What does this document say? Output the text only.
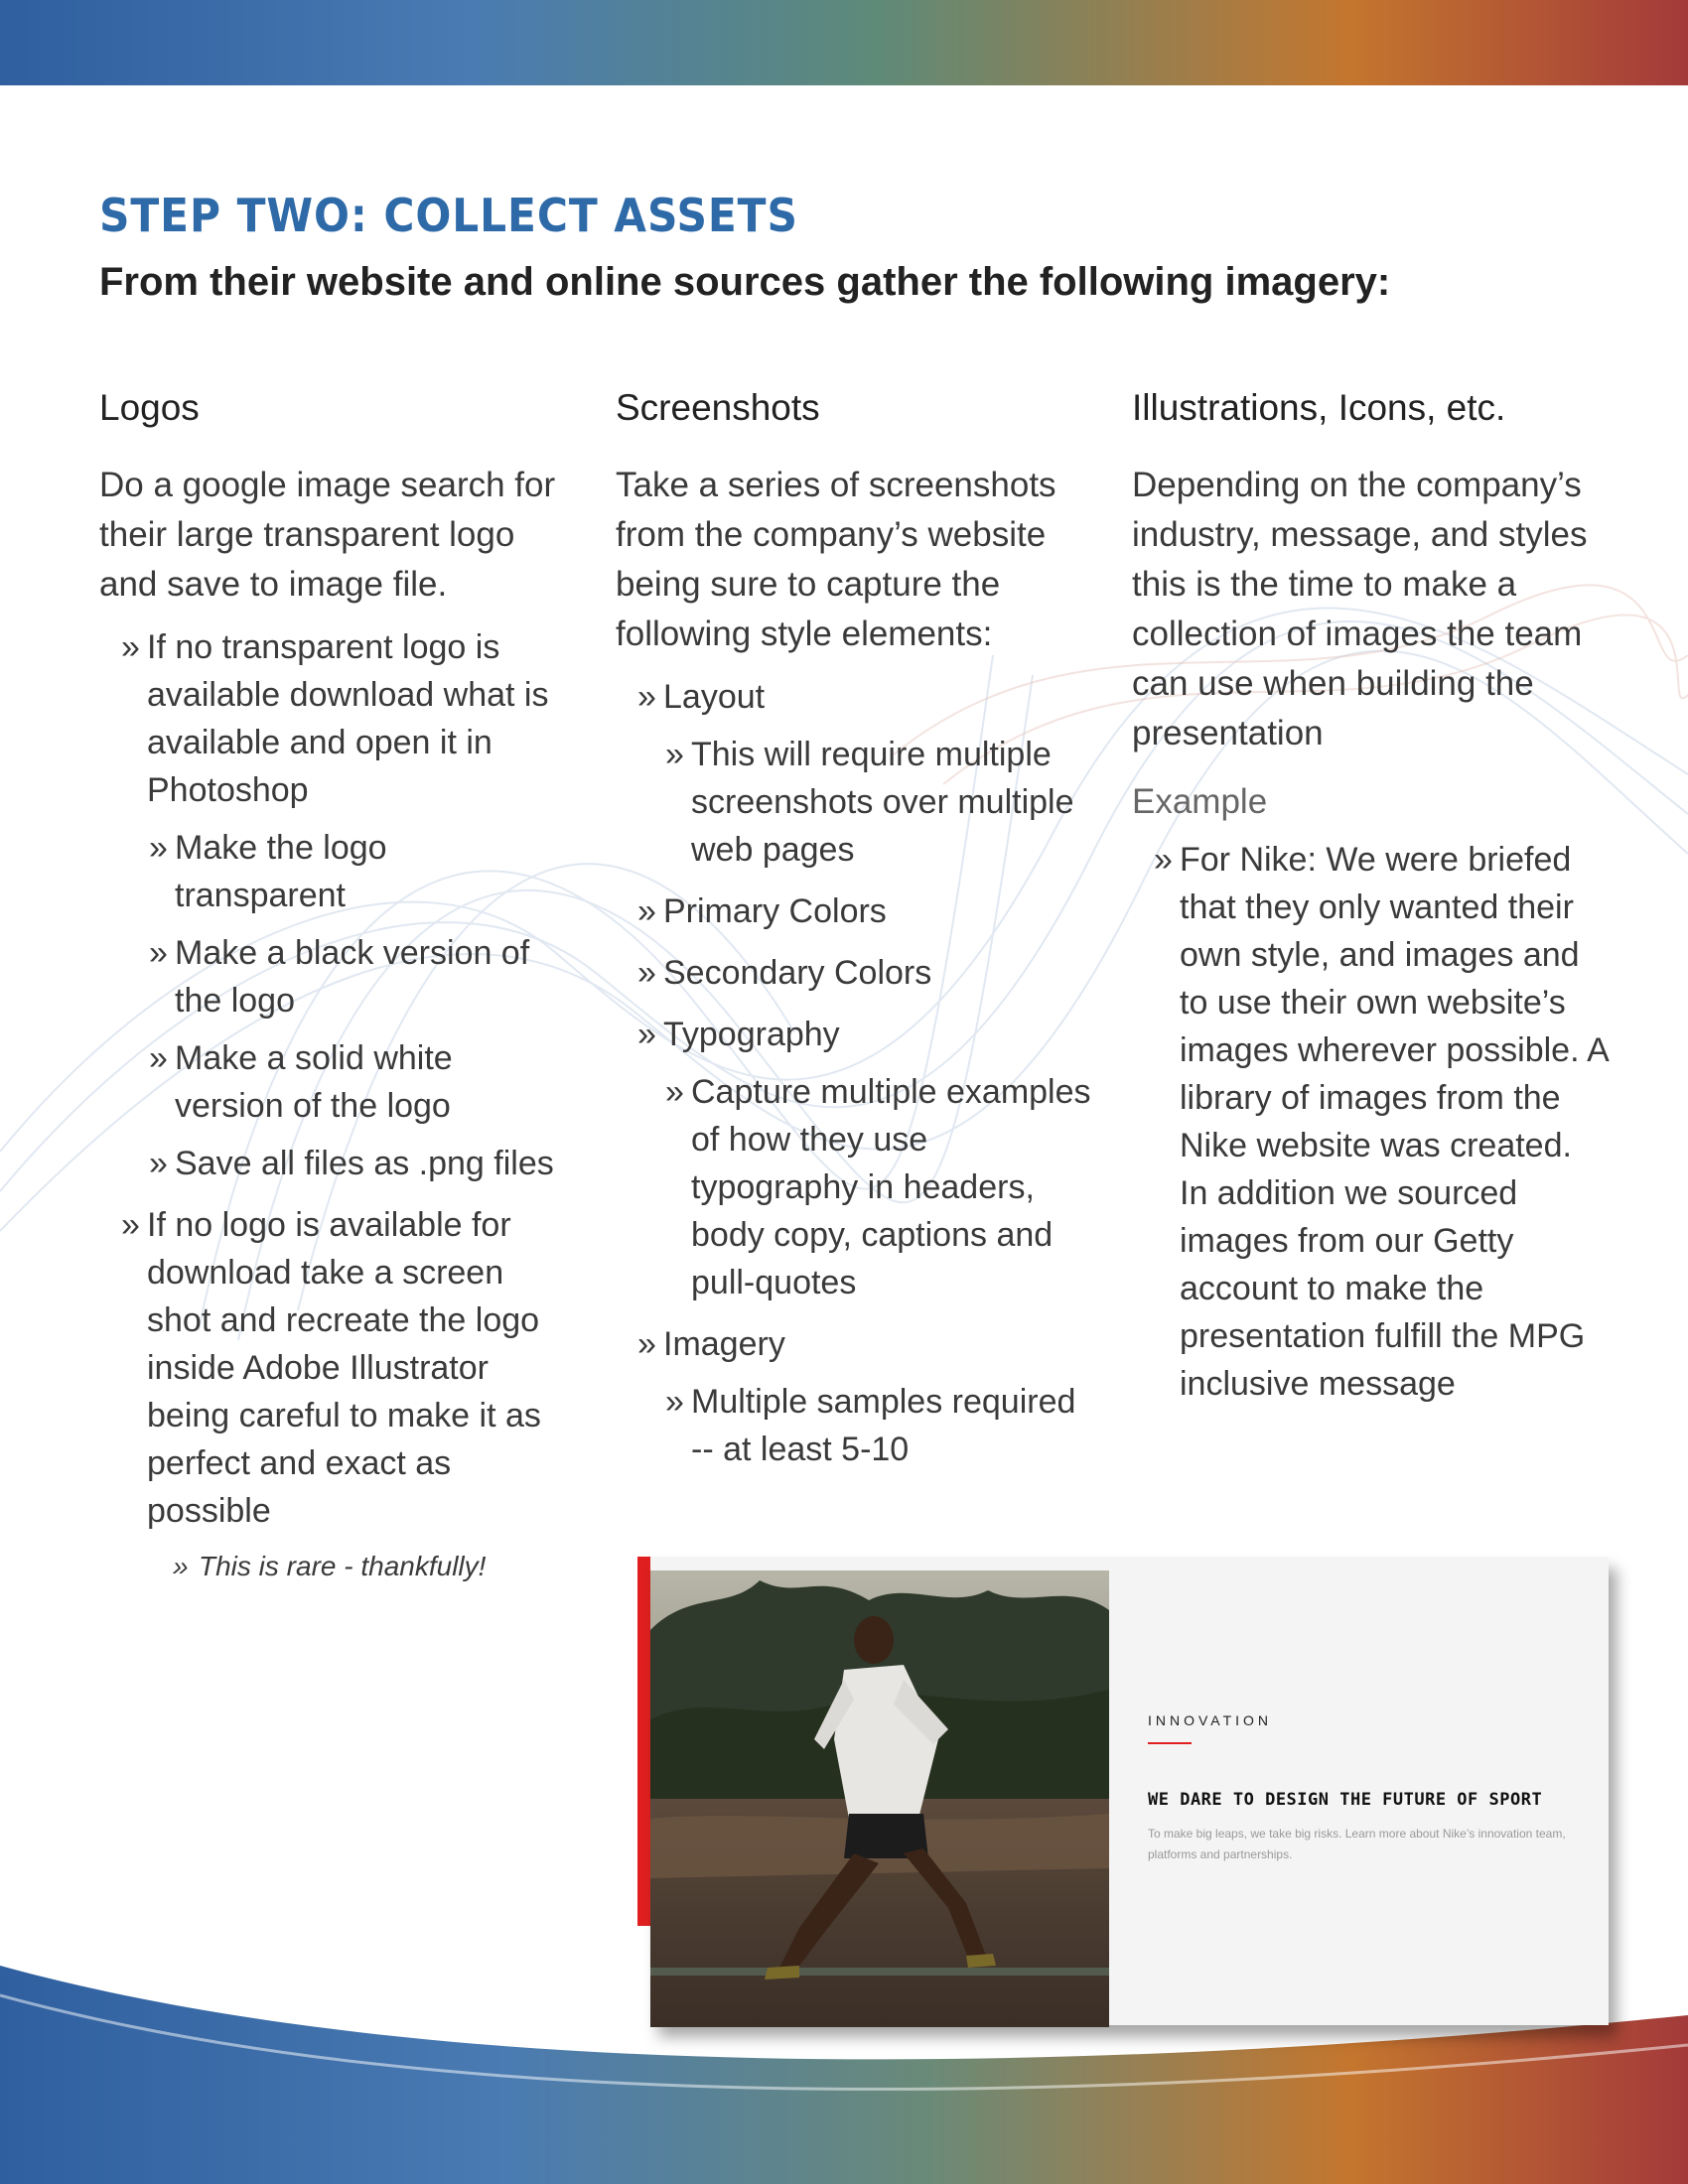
STEP TWO: COLLECT ASSETS
From their website and online sources gather the following imagery:
Logos

Do a google image search for their large transparent logo and save to image file.

» If no transparent logo is available download what is available and open it in Photoshop
» Make the logo transparent
» Make a black version of the logo
» Make a solid white version of the logo
» Save all files as .png files
» If no logo is available for download take a screen shot and recreate the logo inside Adobe Illustrator being careful to make it as perfect and exact as possible
» This is rare - thankfully!
Screenshots

Take a series of screenshots from the company’s website being sure to capture the following style elements:

» Layout
» This will require multiple screenshots over multiple web pages
» Primary Colors
» Secondary Colors
» Typography
» Capture multiple examples of how they use typography in headers, body copy, captions and pull-quotes
» Imagery
» Multiple samples required -- at least 5-10
Illustrations, Icons, etc.

Depending on the company’s industry, message, and styles this is the time to make a collection of images the team can use when building the presentation

Example
» For Nike: We were briefed that they only wanted their own style, and images and to use their own website’s images wherever possible. A library of images from the Nike website was created. In addition we sourced images from our Getty account to make the presentation fulfill the MPG inclusive message
INNOVATION
WE DARE TO DESIGN THE FUTURE OF SPORT
To make big leaps, we take big risks. Learn more about Nike’s innovation team, platforms and partnerships.
